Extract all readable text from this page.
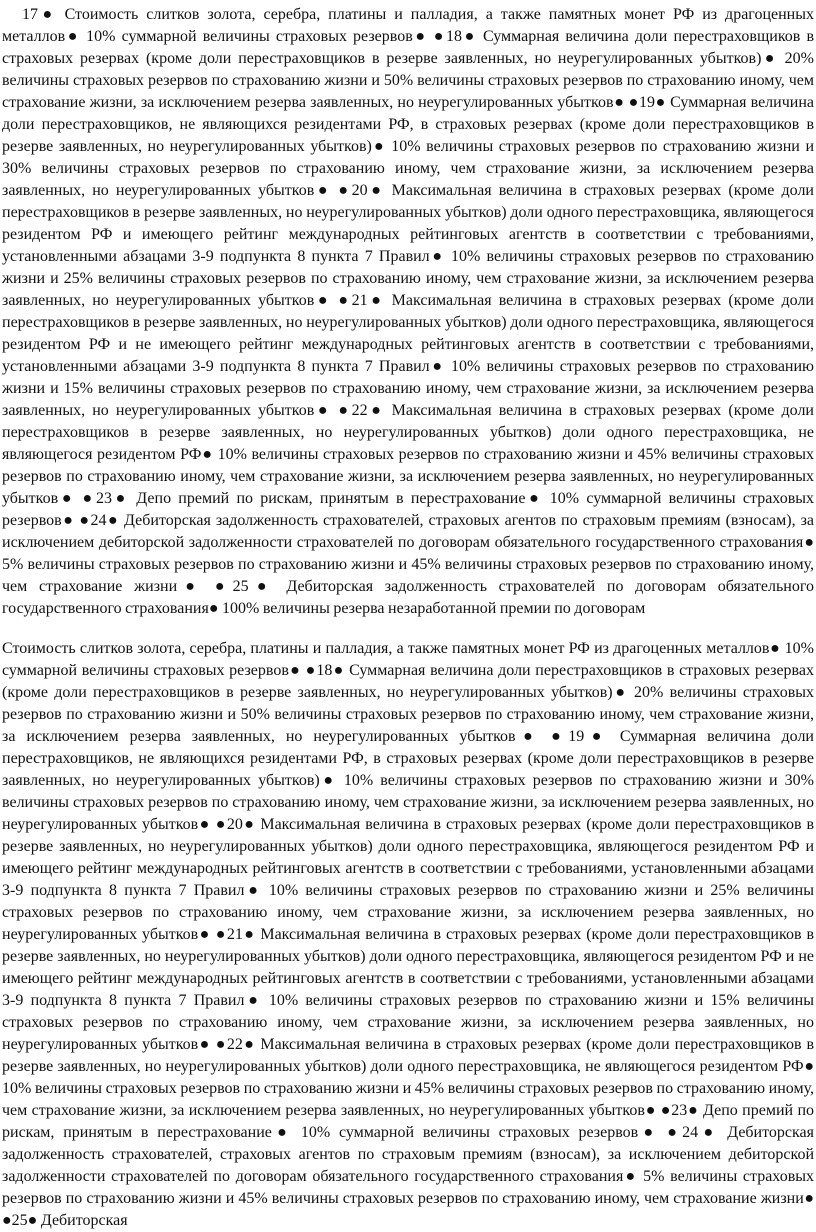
17● Стоимость слитков золота, серебра, платины и палладия, а также памятных монет РФ из драгоценных металлов● 10% суммарной величины страховых резервов● ●18● Суммарная величина доли перестраховщиков в страховых резервах (кроме доли перестраховщиков в резерве заявленных, но неурегулированных убытков)● 20% величины страховых резервов по страхованию жизни и 50% величины страховых резервов по страхованию иному, чем страхование жизни, за исключением резерва заявленных, но неурегулированных убытков● ●19● Суммарная величина доли перестраховщиков, не являющихся резидентами РФ, в страховых резервах (кроме доли перестраховщиков в резерве заявленных, но неурегулированных убытков)● 10% величины страховых резервов по страхованию жизни и 30% величины страховых резервов по страхованию иному, чем страхование жизни, за исключением резерва заявленных, но неурегулированных убытков● ●20● Максимальная величина в страховых резервах (кроме доли перестраховщиков в резерве заявленных, но неурегулированных убытков) доли одного перестраховщика, являющегося резидентом РФ и имеющего рейтинг международных рейтинговых агентств в соответствии с требованиями, установленными абзацами 3-9 подпункта 8 пункта 7 Правил● 10% величины страховых резервов по страхованию жизни и 25% величины страховых резервов по страхованию иному, чем страхование жизни, за исключением резерва заявленных, но неурегулированных убытков● ●21● Максимальная величина в страховых резервах (кроме доли перестраховщиков в резерве заявленных, но неурегулированных убытков) доли одного перестраховщика, являющегося резидентом РФ и не имеющего рейтинг международных рейтинговых агентств в соответствии с требованиями, установленными абзацами 3-9 подпункта 8 пункта 7 Правил● 10% величины страховых резервов по страхованию жизни и 15% величины страховых резервов по страхованию иному, чем страхование жизни, за исключением резерва заявленных, но неурегулированных убытков● ●22● Максимальная величина в страховых резервах (кроме доли перестраховщиков в резерве заявленных, но неурегулированных убытков) доли одного перестраховщика, не являющегося резидентом РФ● 10% величины страховых резервов по страхованию жизни и 45% величины страховых резервов по страхованию иному, чем страхование жизни, за исключением резерва заявленных, но неурегулированных убытков● ●23● Депо премий по рискам, принятым в перестрахование● 10% суммарной величины страховых резервов● ●24● Дебиторская задолженность страхователей, страховых агентов по страховым премиям (взносам), за исключением дебиторской задолженности страхователей по договорам обязательного государственного страхования● 5% величины страховых резервов по страхованию жизни и 45% величины страховых резервов по страхованию иному, чем страхование жизни● ●25● Дебиторская задолженность страхователей по договорам обязательного государственного страхования● 100% величины резерва незаработанной премии по договорам

Стоимость слитков золота, серебра, платины и палладия, а также памятных монет РФ из драгоценных металлов● 10% суммарной величины страховых резервов● ●18● Суммарная величина доли перестраховщиков в страховых резервах (кроме доли перестраховщиков в резерве заявленных, но неурегулированных убытков)● 20% величины страховых резервов по страхованию жизни и 50% величины страховых резервов по страхованию иному, чем страхование жизни, за исключением резерва заявленных, но неурегулированных убытков● ●19● Суммарная величина доли перестраховщиков, не являющихся резидентами РФ, в страховых резервах (кроме доли перестраховщиков в резерве заявленных, но неурегулированных убытков)● 10% величины страховых резервов по страхованию жизни и 30% величины страховых резервов по страхованию иному, чем страхование жизни, за исключением резерва заявленных, но неурегулированных убытков● ●20● Максимальная величина в страховых резервах (кроме доли перестраховщиков в резерве заявленных, но неурегулированных убытков) доли одного перестраховщика, являющегося резидентом РФ и имеющего рейтинг международных рейтинговых агентств в соответствии с требованиями, установленными абзацами 3-9 подпункта 8 пункта 7 Правил● 10% величины страховых резервов по страхованию жизни и 25% величины страховых резервов по страхованию иному, чем страхование жизни, за исключением резерва заявленных, но неурегулированных убытков● ●21● Максимальная величина в страховых резервах (кроме доли перестраховщиков в резерве заявленных, но неурегулированных убытков) доли одного перестраховщика, являющегося резидентом РФ и не имеющего рейтинг международных рейтинговых агентств в соответствии с требованиями, установленными абзацами 3-9 подпункта 8 пункта 7 Правил● 10% величины страховых резервов по страхованию жизни и 15% величины страховых резервов по страхованию иному, чем страхование жизни, за исключением резерва заявленных, но неурегулированных убытков● ●22● Максимальная величина в страховых резервах (кроме доли перестраховщиков в резерве заявленных, но неурегулированных убытков) доли одного перестраховщика, не являющегося резидентом РФ● 10% величины страховых резервов по страхованию жизни и 45% величины страховых резервов по страхованию иному, чем страхование жизни, за исключением резерва заявленных, но неурегулированных убытков● ●23● Депо премий по рискам, принятым в перестрахование● 10% суммарной величины страховых резервов● ●24● Дебиторская задолженность страхователей, страховых агентов по страховым премиям (взносам), за исключением дебиторской задолженности страхователей по договорам обязательного государственного страхования● 5% величины страховых резервов по страхованию жизни и 45% величины страховых резервов по страхованию иному, чем страхование жизни● ●25● Дебиторская
